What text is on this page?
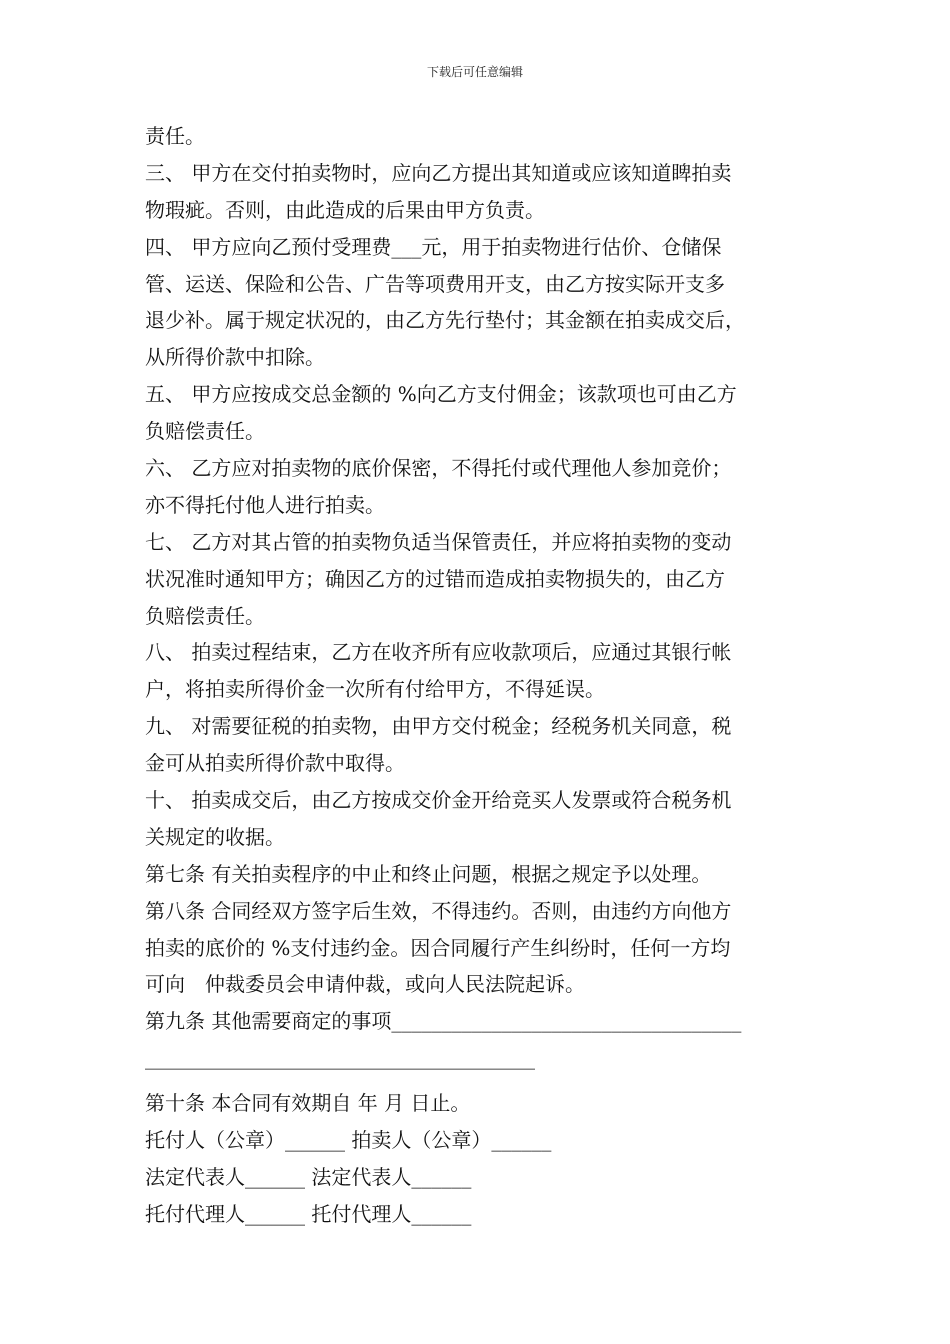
下载后可任意编辑
责任。
三、 甲方在交付拍卖物时，应向乙方提出其知道或应该知道睥拍卖
物瑕疵。否则，由此造成的后果由甲方负责。
四、 甲方应向乙预付受理费___元，用于拍卖物进行估价、仓储保
管、运送、保险和公告、广告等项费用开支，由乙方按实际开支多
退少补。属于规定状况的，由乙方先行垫付；其金额在拍卖成交后，
从所得价款中扣除。
五、 甲方应按成交总金额的 %向乙方支付佣金；该款项也可由乙方
负赔偿责任。
六、 乙方应对拍卖物的底价保密，不得托付或代理他人参加竞价；
亦不得托付他人进行拍卖。
七、 乙方对其占管的拍卖物负适当保管责任，并应将拍卖物的变动
状况准时通知甲方；确因乙方的过错而造成拍卖物损失的，由乙方
负赔偿责任。
八、 拍卖过程结束，乙方在收齐所有应收款项后，应通过其银行帐
户，将拍卖所得价金一次所有付给甲方，不得延误。
九、 对需要征税的拍卖物，由甲方交付税金；经税务机关同意，税
金可从拍卖所得价款中取得。
十、 拍卖成交后，由乙方按成交价金开给竞买人发票或符合税务机
关规定的收据。
第七条 有关拍卖程序的中止和终止问题，根据之规定予以处理。
第八条 合同经双方签字后生效，不得违约。否则，由违约方向他方
拍卖的底价的 %支付违约金。因合同履行产生纠纷时，任何一方均
可向　仲裁委员会申请仲裁，或向人民法院起诉。
第九条 其他需要商定的事项___________________________________
_______________________________________
第十条 本合同有效期自 年 月 日止。
托付人（公章）______ 拍卖人（公章）______
法定代表人______ 法定代表人______
托付代理人______ 托付代理人______
